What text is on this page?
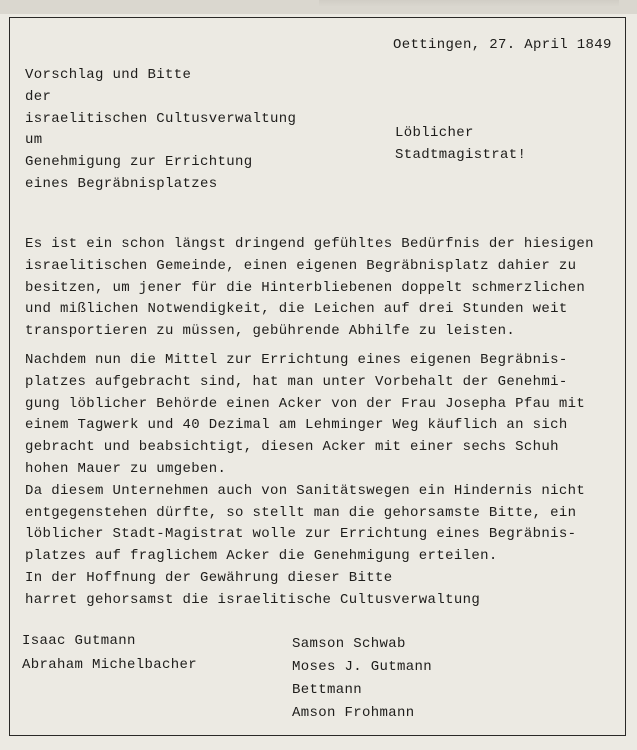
Oettingen, 27. April 1849
Vorschlag und Bitte
der
israelitischen Cultusverwaltung
um
Genehmigung zur Errichtung
eines Begräbnisplatzes
Löblicher
Stadtmagistrat!
Es ist ein schon längst dringend gefühltes Bedürfnis der hiesigen
israelitischen Gemeinde, einen eigenen Begräbnisplatz dahier zu
besitzen, um jener für die Hinterbliebenen doppelt schmerzlichen
und mißlichen Notwendigkeit, die Leichen auf drei Stunden weit
transportieren zu müssen, gebührende Abhilfe zu leisten.
Nachdem nun die Mittel zur Errichtung eines eigenen Begräbnis-
platzes aufgebracht sind, hat man unter Vorbehalt der Genehmi-
gung löblicher Behörde einen Acker von der Frau Josepha Pfau mit
einem Tagwerk und 40 Dezimal am Lehminger Weg käuflich an sich
gebracht und beabsichtigt, diesen Acker mit einer sechs Schuh
hohen Mauer zu umgeben.
Da diesem Unternehmen auch von Sanitätswegen ein Hindernis nicht
entgegenstehen dürfte, so stellt man die gehorsamste Bitte, ein
löblicher Stadt-Magistrat wolle zur Errichtung eines Begräbnis-
platzes auf fraglichem Acker die Genehmigung erteilen.
In der Hoffnung der Gewährung dieser Bitte
harret gehorsamst die israelitische Cultusverwaltung
Isaac Gutmann
Abraham Michelbacher
Samson Schwab
Moses J. Gutmann
Bettmann
Amson Frohmann
